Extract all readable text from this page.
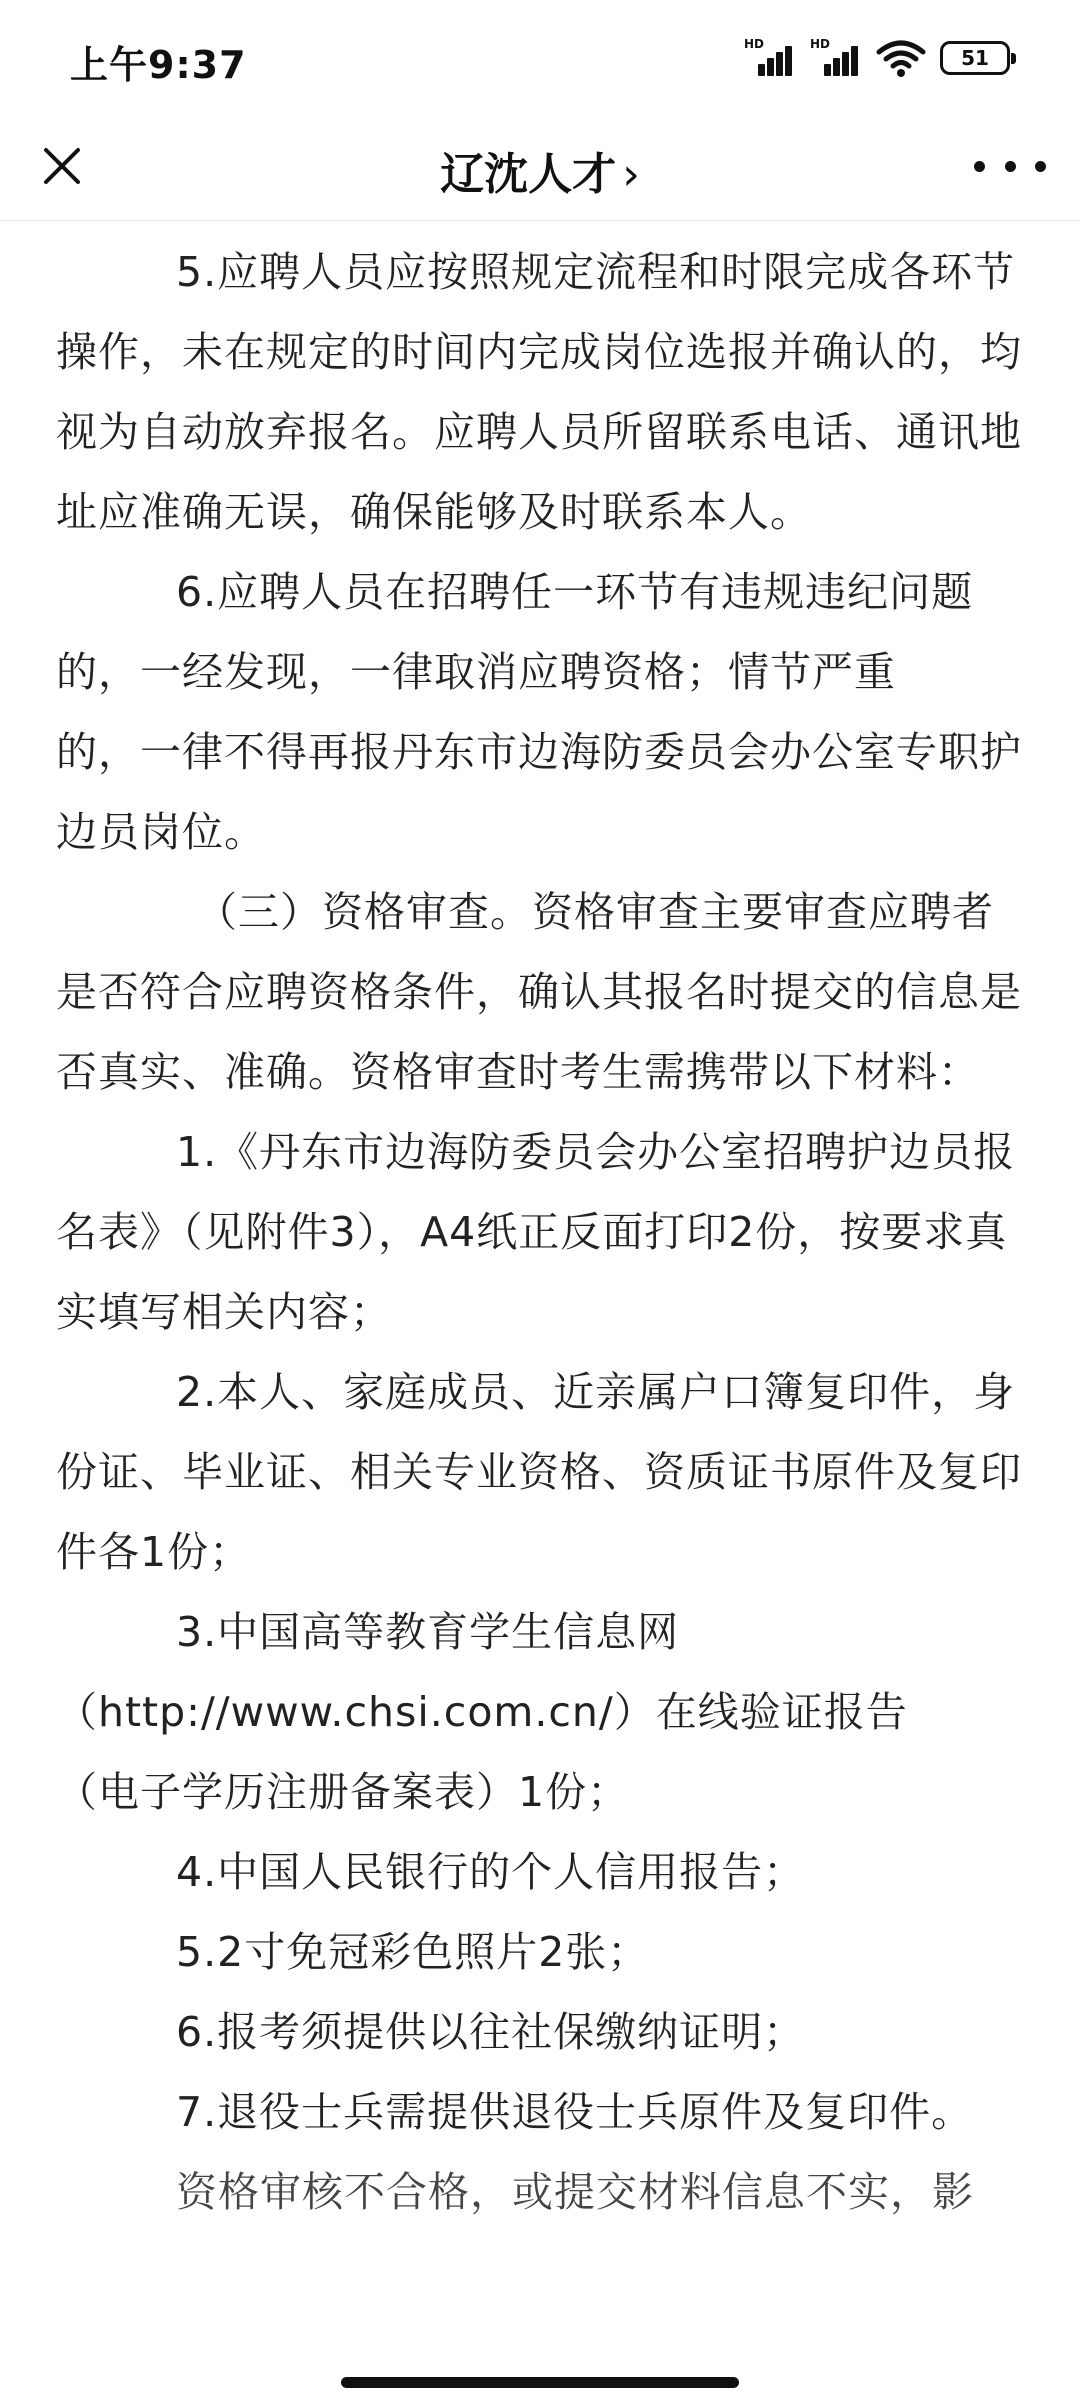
上午9:37	HD	HD
51
辽沈人才 ›

5.应聘人员应按照规定流程和时限完成各环节操作，未在规定的时间内完成岗位选报并确认的，均视为自动放弃报名。应聘人员所留联系电话、通讯地址应准确无误，确保能够及时联系本人。

6.应聘人员在招聘任一环节有违规违纪问题的，一经发现，一律取消应聘资格；情节严重
的，一律不得再报丹东市边海防委员会办公室专职护边员岗位。

（三）资格审查。资格审查主要审查应聘者是否符合应聘资格条件，确认其报名时提交的信息是否真实、准确。资格审查时考生需携带以下材料：

1.《丹东市边海防委员会办公室招聘护边员报名表》（见附件3），A4纸正反面打印2份，按要求真实填写相关内容；

2.本人、家庭成员、近亲属户口簿复印件，身份证、毕业证、相关专业资格、资质证书原件及复印件各1份；

3.中国高等教育学生信息网
（http://www.chsi.com.cn/）在线验证报告
（电子学历注册备案表）1份；

4.中国人民银行的个人信用报告；

5.2寸免冠彩色照片2张；

6.报考须提供以往社保缴纳证明；

7.退役士兵需提供退役士兵原件及复印件。

资格审核不合格，或提交材料信息不实，影
